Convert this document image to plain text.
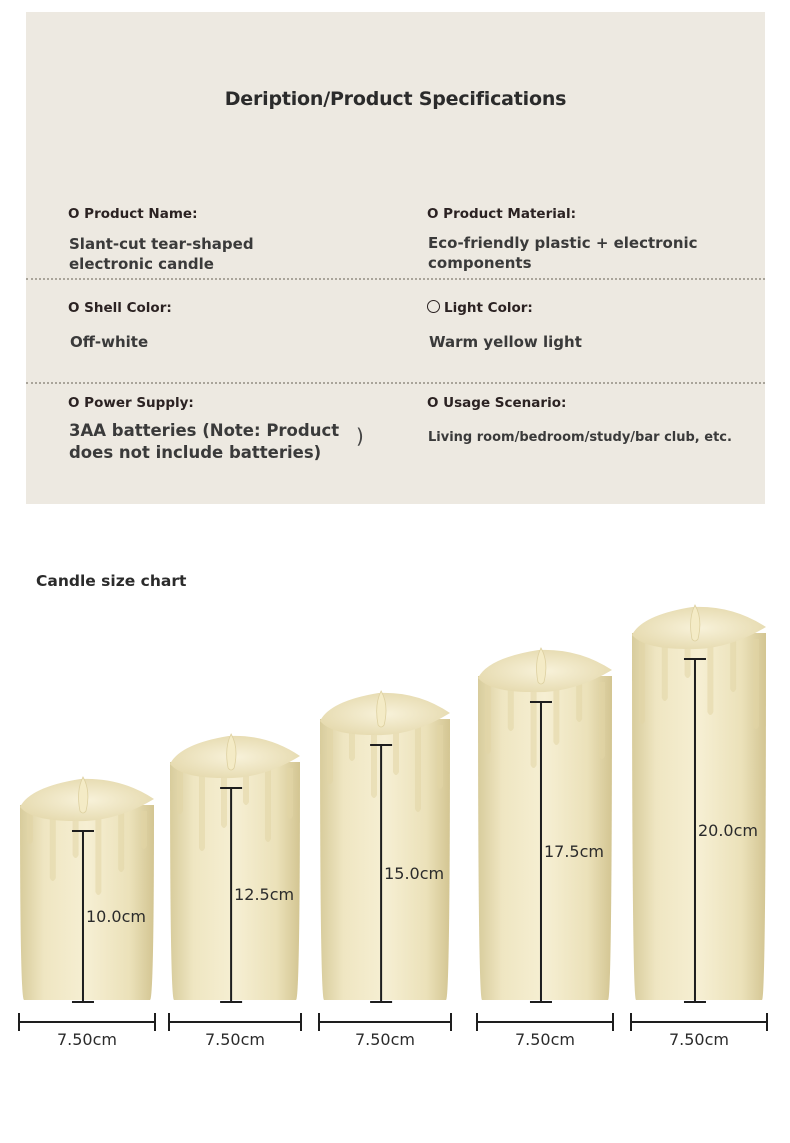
Deription/Product Specifications
O Product Name:
Slant-cut tear-shaped electronic candle
O Product Material:
Eco-friendly plastic + electronic components
O Shell Color:
Off-white
Light Color:
Warm yellow light
O Power Supply:
3AA batteries (Note: Product does not include batteries)
)
O Usage Scenario:
Living room/bedroom/study/bar club, etc.
Candle size chart
10.0cm
7.50cm
12.5cm
7.50cm
15.0cm
7.50cm
17.5cm
7.50cm
20.0cm
7.50cm
